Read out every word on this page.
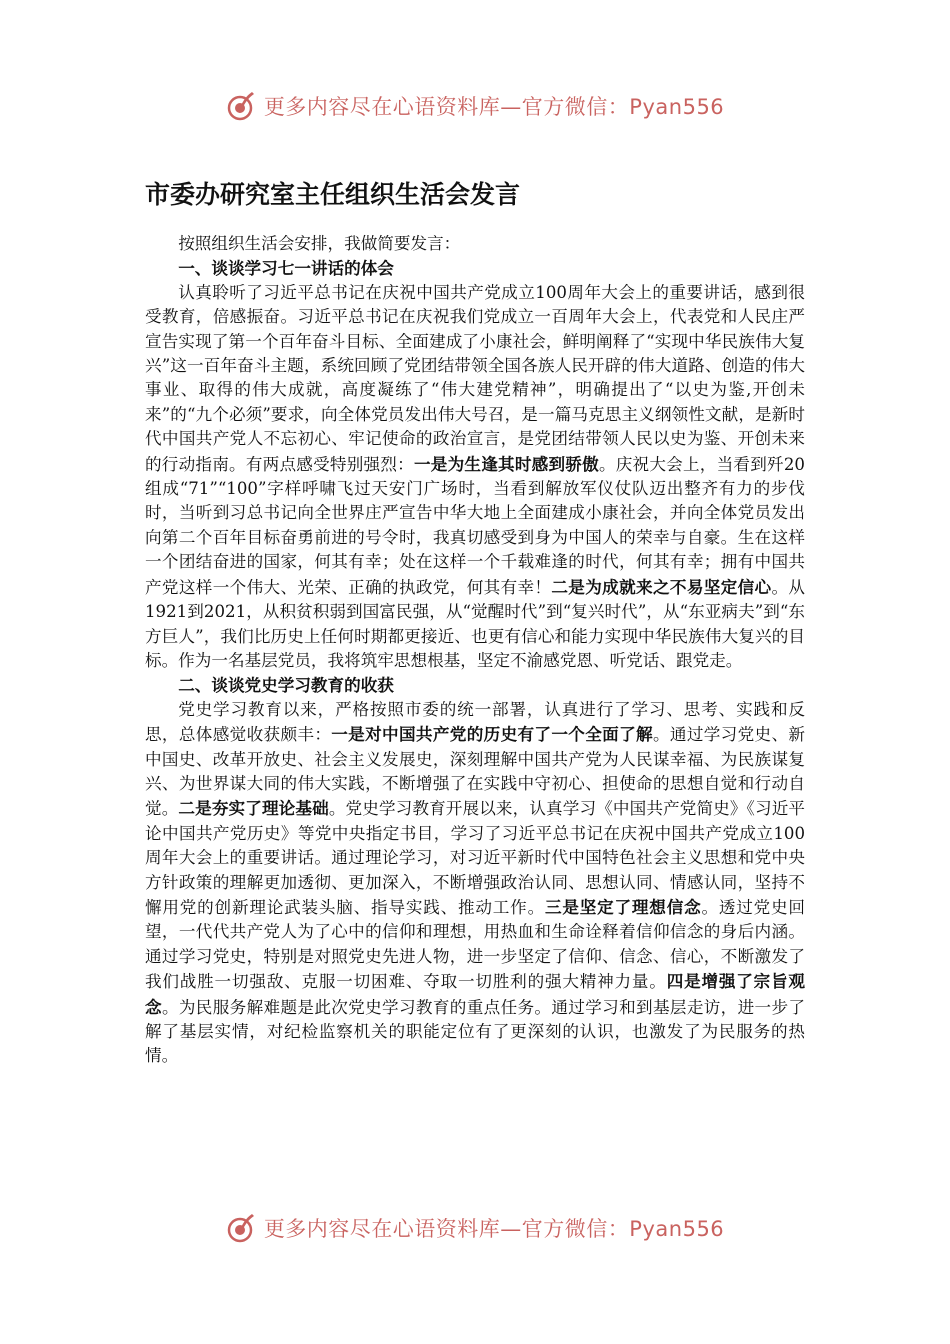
更多内容尽在心语资料库—官方微信：Pyan556
市委办研究室主任组织生活会发言

按照组织生活会安排，我做简要发言：

一、谈谈学习七一讲话的体会

认真聆听了习近平总书记在庆祝中国共产党成立100周年大会上的重要讲话，感到很受教育，倍感振奋。习近平总书记在庆祝我们党成立一百周年大会上，代表党和人民庄严宣告实现了第一个百年奋斗目标、全面建成了小康社会，鲜明阐释了“实现中华民族伟大复兴”这一百年奋斗主题，系统回顾了党团结带领全国各族人民开辟的伟大道路、创造的伟大事业、取得的伟大成就，高度凝练了“伟大建党精神”，明确提出了“以史为鉴,开创未来”的“九个必须”要求，向全体党员发出伟大号召，是一篇马克思主义纲领性文献，是新时代中国共产党人不忘初心、牢记使命的政治宣言，是党团结带领人民以史为鉴、开创未来的行动指南。有两点感受特别强烈：一是为生逢其时感到骄傲。庆祝大会上，当看到歼20组成“71”“100”字样呼啸飞过天安门广场时，当看到解放军仪仗队迈出整齐有力的步伐时，当听到习总书记向全世界庄严宣告中华大地上全面建成小康社会，并向全体党员发出向第二个百年目标奋勇前进的号令时，我真切感受到身为中国人的荣幸与自豪。生在这样一个团结奋进的国家，何其有幸；处在这样一个千载难逢的时代，何其有幸；拥有中国共产党这样一个伟大、光荣、正确的执政党，何其有幸！二是为成就来之不易坚定信心。从1921到2021，从积贫积弱到国富民强，从“觉醒时代”到“复兴时代”，从“东亚病夫”到“东方巨人”，我们比历史上任何时期都更接近、也更有信心和能力实现中华民族伟大复兴的目标。作为一名基层党员，我将筑牢思想根基，坚定不渝感党恩、听党话、跟党走。

二、谈谈党史学习教育的收获

党史学习教育以来，严格按照市委的统一部署，认真进行了学习、思考、实践和反思，总体感觉收获颇丰：一是对中国共产党的历史有了一个全面了解。通过学习党史、新中国史、改革开放史、社会主义发展史，深刻理解中国共产党为人民谋幸福、为民族谋复兴、为世界谋大同的伟大实践，不断增强了在实践中守初心、担使命的思想自觉和行动自觉。二是夯实了理论基础。党史学习教育开展以来，认真学习《中国共产党简史》《习近平论中国共产党历史》等党中央指定书目，学习了习近平总书记在庆祝中国共产党成立100周年大会上的重要讲话。通过理论学习，对习近平新时代中国特色社会主义思想和党中央方针政策的理解更加透彻、更加深入，不断增强政治认同、思想认同、情感认同，坚持不懈用党的创新理论武装头脑、指导实践、推动工作。三是坚定了理想信念。透过党史回望，一代代共产党人为了心中的信仰和理想，用热血和生命诠释着信仰信念的身后内涵。通过学习党史，特别是对照党史先进人物，进一步坚定了信仰、信念、信心，不断激发了我们战胜一切强敌、克服一切困难、夺取一切胜利的强大精神力量。四是增强了宗旨观念。为民服务解难题是此次党史学习教育的重点任务。通过学习和到基层走访，进一步了解了基层实情，对纪检监察机关的职能定位有了更深刻的认识，也激发了为民服务的热情。

更多内容尽在心语资料库—官方微信：Pyan556
